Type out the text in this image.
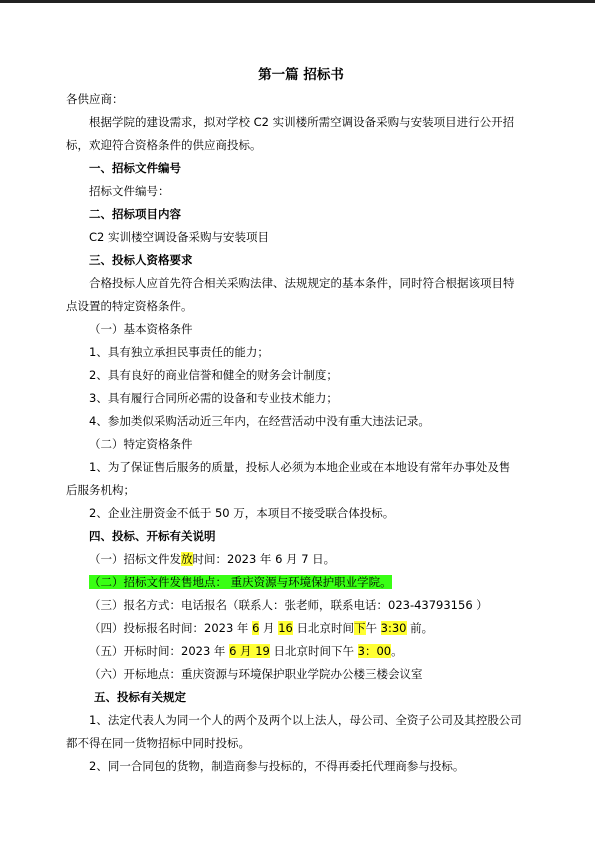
第一篇 招标书
各供应商：
根据学院的建设需求，拟对学校 C2 实训楼所需空调设备采购与安装项目进行公开招
标，欢迎符合资格条件的供应商投标。
一、招标文件编号
招标文件编号：
二、招标项目内容
C2 实训楼空调设备采购与安装项目
三、投标人资格要求
合格投标人应首先符合相关采购法律、法规规定的基本条件，同时符合根据该项目特
点设置的特定资格条件。
（一）基本资格条件
1、具有独立承担民事责任的能力；
2、具有良好的商业信誉和健全的财务会计制度；
3、具有履行合同所必需的设备和专业技术能力；
4、参加类似采购活动近三年内，在经营活动中没有重大违法记录。
（二）特定资格条件
1、为了保证售后服务的质量，投标人必须为本地企业或在本地设有常年办事处及售
后服务机构；
2、企业注册资金不低于 50 万，本项目不接受联合体投标。
四、投标、开标有关说明
（一）招标文件发放时间：2023 年 6 月 7 日。
（二）招标文件发售地点： 重庆资源与环境保护职业学院。
（三）报名方式：电话报名（联系人：张老师，联系电话：023-43793156 ）
（四）投标报名时间：2023 年 6 月 16 日北京时间下午 3:30 前。
（五）开标时间：2023 年 6 月 19 日北京时间下午 3：00。
（六）开标地点：重庆资源与环境保护职业学院办公楼三楼会议室
五、投标有关规定
1、法定代表人为同一个人的两个及两个以上法人，母公司、全资子公司及其控股公司
都不得在同一货物招标中同时投标。
2、同一合同包的货物，制造商参与投标的，不得再委托代理商参与投标。
